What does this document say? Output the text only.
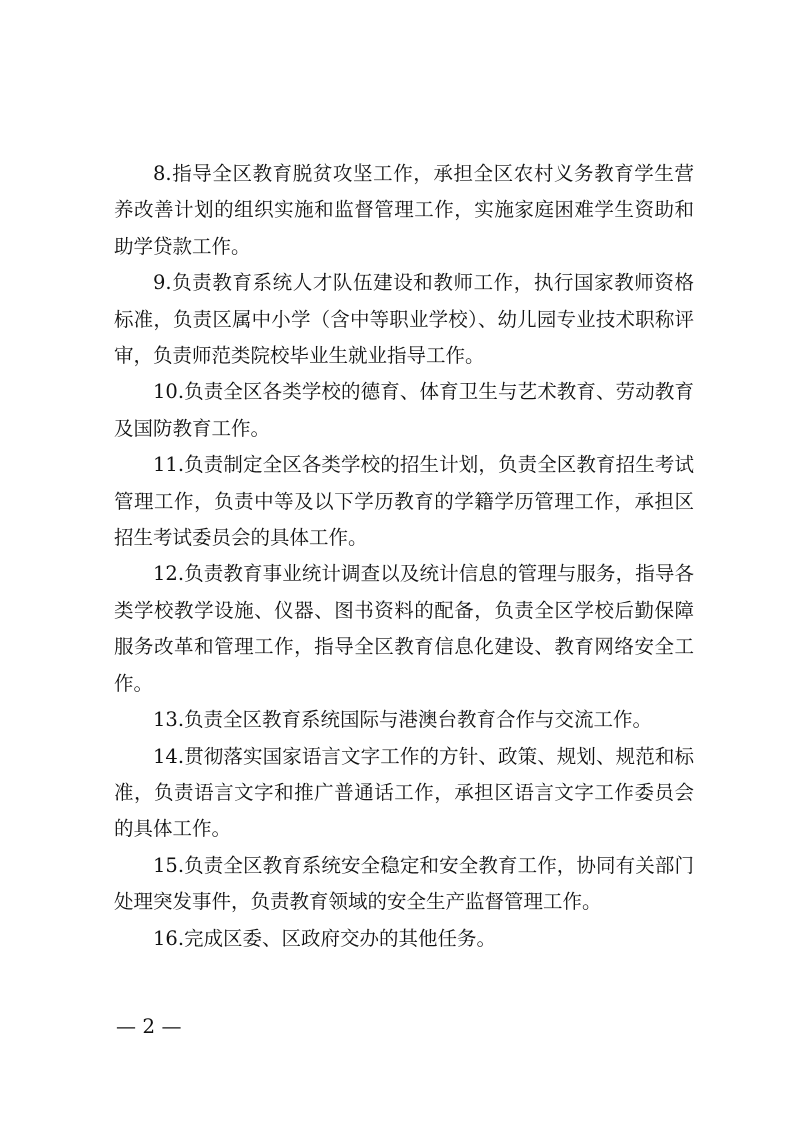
8.指导全区教育脱贫攻坚工作，承担全区农村义务教育学生营养改善计划的组织实施和监督管理工作，实施家庭困难学生资助和助学贷款工作。

9.负责教育系统人才队伍建设和教师工作，执行国家教师资格标准，负责区属中小学（含中等职业学校）、幼儿园专业技术职称评审，负责师范类院校毕业生就业指导工作。

10.负责全区各类学校的德育、体育卫生与艺术教育、劳动教育及国防教育工作。

11.负责制定全区各类学校的招生计划，负责全区教育招生考试管理工作，负责中等及以下学历教育的学籍学历管理工作，承担区招生考试委员会的具体工作。

12.负责教育事业统计调查以及统计信息的管理与服务，指导各类学校教学设施、仪器、图书资料的配备，负责全区学校后勤保障服务改革和管理工作，指导全区教育信息化建设、教育网络安全工作。

13.负责全区教育系统国际与港澳台教育合作与交流工作。

14.贯彻落实国家语言文字工作的方针、政策、规划、规范和标准，负责语言文字和推广普通话工作，承担区语言文字工作委员会的具体工作。

15.负责全区教育系统安全稳定和安全教育工作，协同有关部门处理突发事件，负责教育领域的安全生产监督管理工作。

16.完成区委、区政府交办的其他任务。

— 2 —
